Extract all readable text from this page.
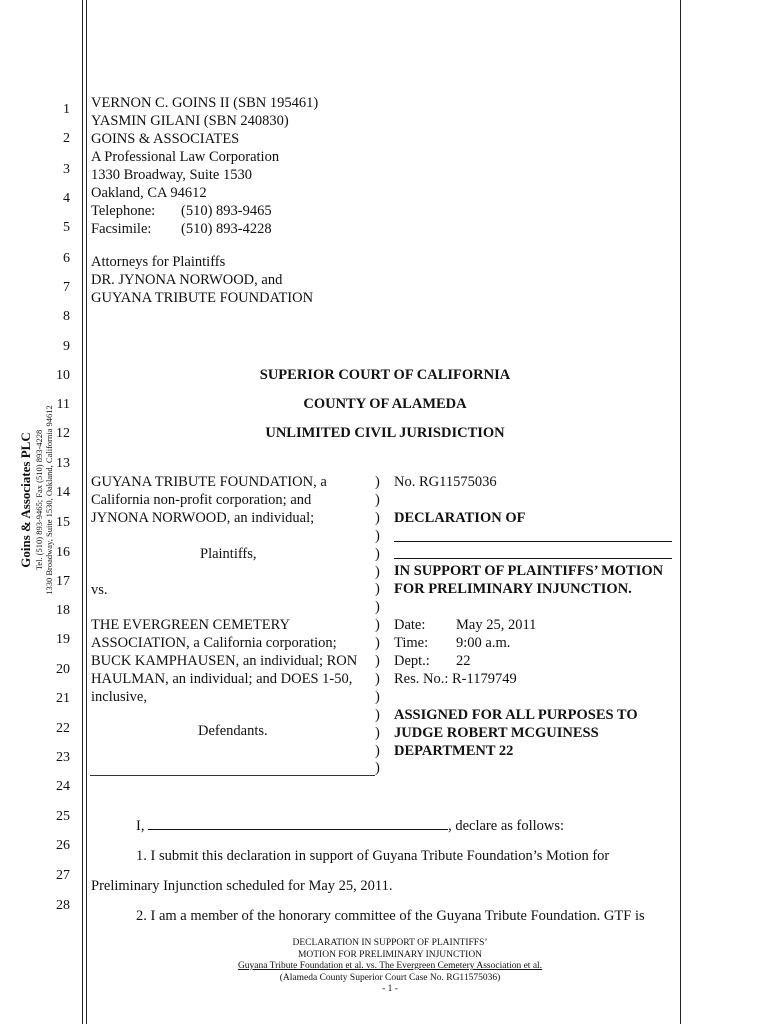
1
2
3
4
5
6
7
8
9
10
11
12
13
14
15
16
17
18
19
20
21
22
23
24
25
26
27
28
Goins & Associates PLC Tel. (510) 893-9465; Fax (510) 893-4228 1330 Broadway, Suite 1530, Oakland, California 94612
VERNON C. GOINS II (SBN 195461)
YASMIN GILANI (SBN 240830)
GOINS & ASSOCIATES
A Professional Law Corporation
1330 Broadway, Suite 1530
Oakland, CA 94612
Telephone: (510) 893-9465
Facsimile: (510) 893-4228
Attorneys for Plaintiffs
DR. JYNONA NORWOOD, and
GUYANA TRIBUTE FOUNDATION
SUPERIOR COURT OF CALIFORNIA
COUNTY OF ALAMEDA
UNLIMITED CIVIL JURISDICTION
GUYANA TRIBUTE FOUNDATION, a
California non-profit corporation; and
JYNONA NORWOOD, an individual;
Plaintiffs,
vs.
THE EVERGREEN CEMETERY
ASSOCIATION, a California corporation;
BUCK KAMPHAUSEN, an individual; RON
HAULMAN, an individual; and DOES 1-50,
inclusive,
Defendants.
)
)
)
)
)
)
)
)
)
)
)
)
)
)
)
)
)
No. RG11575036
DECLARATION OF
IN SUPPORT OF PLAINTIFFS’ MOTION
FOR PRELIMINARY INJUNCTION.
Date: May 25, 2011
Time: 9:00 a.m.
Dept.: 22
Res. No.: R-1179749
ASSIGNED FOR ALL PURPOSES TO
JUDGE ROBERT MCGUINESS
DEPARTMENT 22
I,	, declare as follows:
1. I submit this declaration in support of Guyana Tribute Foundation’s Motion for
Preliminary Injunction scheduled for May 25, 2011.
2. I am a member of the honorary committee of the Guyana Tribute Foundation. GTF is
DECLARATION IN SUPPORT OF PLAINTIFFS’
MOTION FOR PRELIMINARY INJUNCTION
Guyana Tribute Foundation et al. vs. The Evergreen Cemetery Association et al.
(Alameda County Superior Court Case No. RG11575036)
- 1 -
